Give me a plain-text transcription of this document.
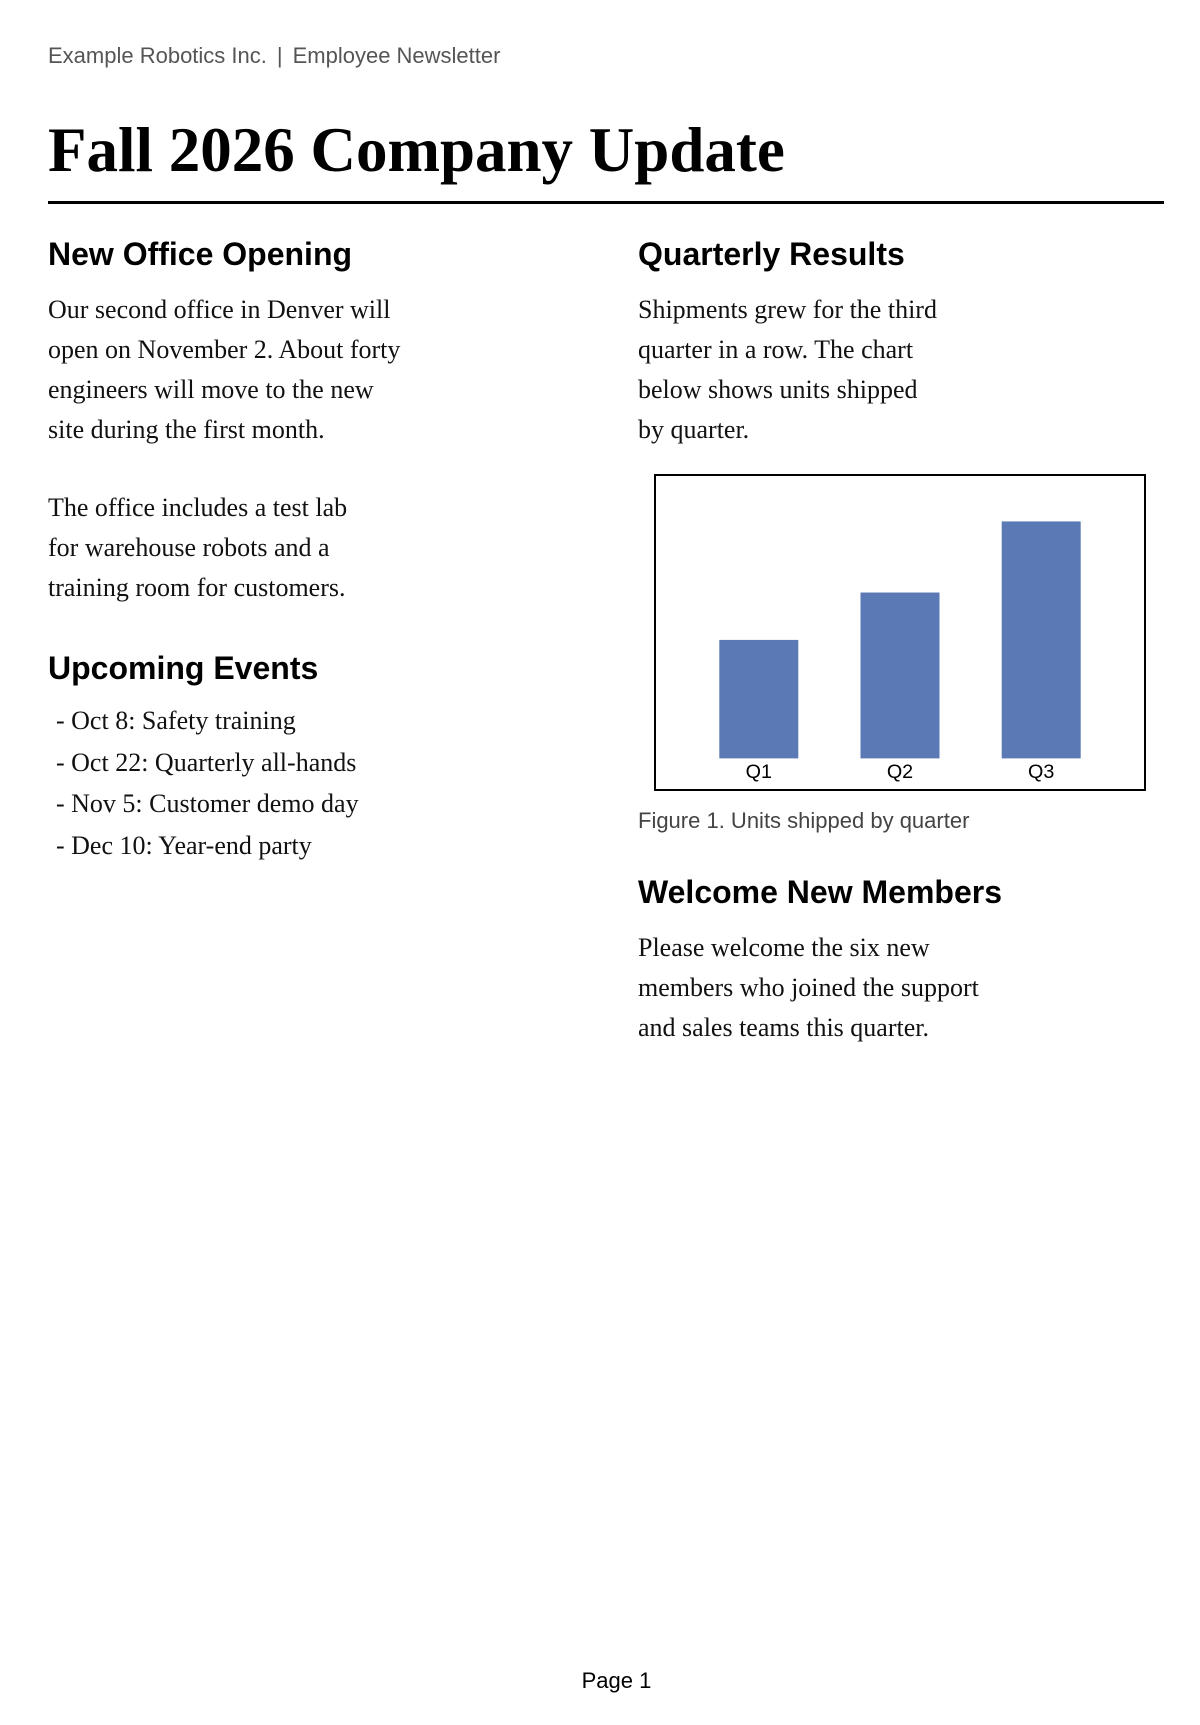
Example Robotics Inc. | Employee Newsletter
Fall 2026 Company Update
New Office Opening

Our second office in Denver will
open on November 2. About forty
engineers will move to the new
site during the first month.

The office includes a test lab
for warehouse robots and a
training room for customers.

Upcoming Events
- Oct 8: Safety training
- Oct 22: Quarterly all-hands
- Nov 5: Customer demo day
- Dec 10: Year-end party
Quarterly Results

Shipments grew for the third
quarter in a row. The chart
below shows units shipped
by quarter.

Q1	Q2	Q3
Figure 1. Units shipped by quarter
Welcome New Members

Please welcome the six new
members who joined the support
and sales teams this quarter.

Page 1
